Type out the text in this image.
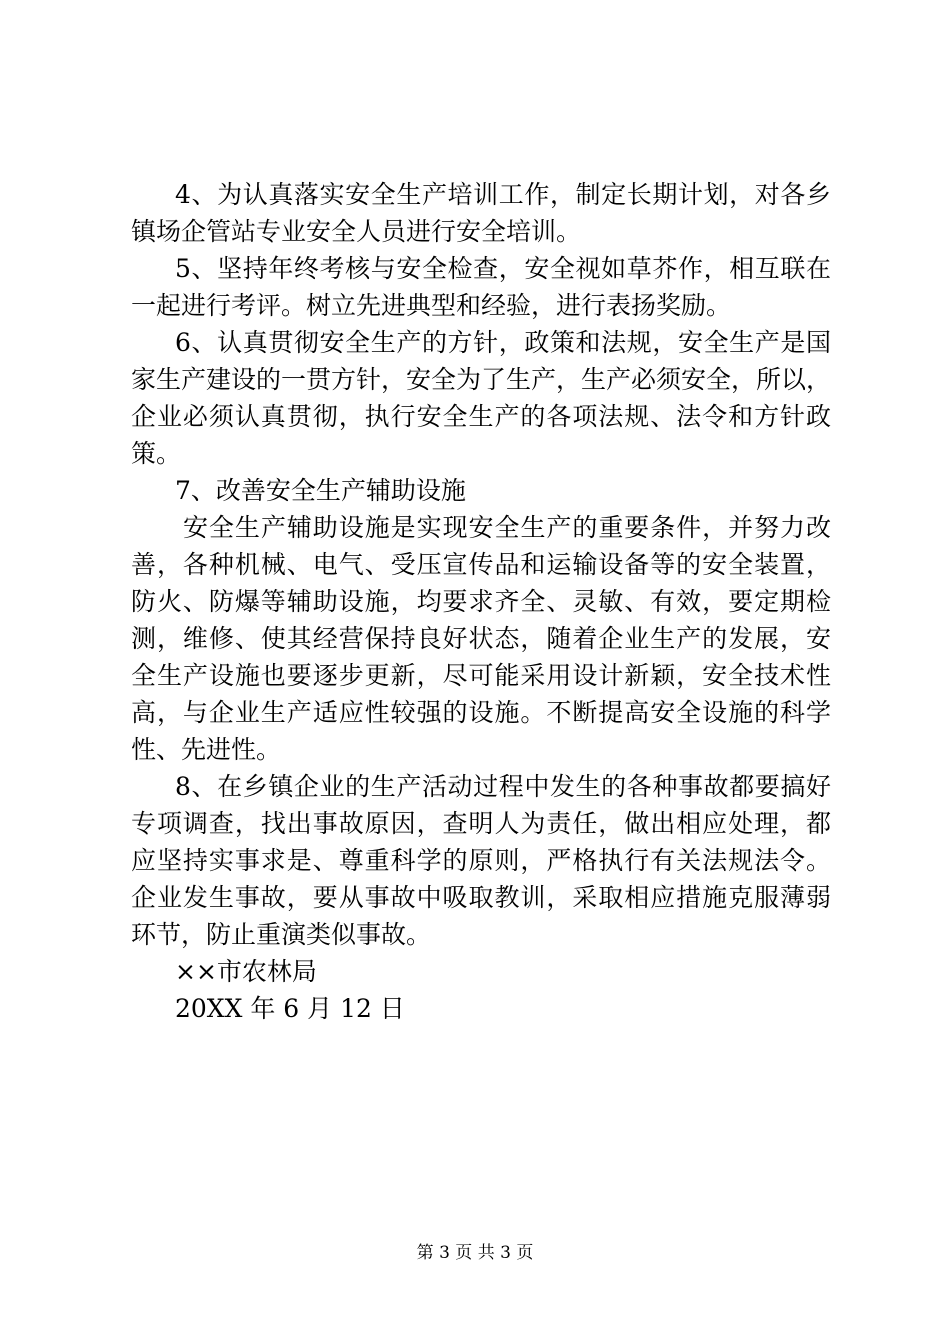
4、为认真落实安全生产培训工作，制定长期计划，对各乡
镇场企管站专业安全人员进行安全培训。
5、坚持年终考核与安全检查，安全视如草芥作，相互联在
一起进行考评。树立先进典型和经验，进行表扬奖励。
6、认真贯彻安全生产的方针，政策和法规，安全生产是国
家生产建设的一贯方针，安全为了生产，生产必须安全，所以，
企业必须认真贯彻，执行安全生产的各项法规、法令和方针政
策。
7、改善安全生产辅助设施
安全生产辅助设施是实现安全生产的重要条件，并努力改
善，各种机械、电气、受压宣传品和运输设备等的安全装置，
防火、防爆等辅助设施，均要求齐全、灵敏、有效，要定期检
测，维修、使其经营保持良好状态，随着企业生产的发展，安
全生产设施也要逐步更新，尽可能采用设计新颖，安全技术性
高，与企业生产适应性较强的设施。不断提高安全设施的科学
性、先进性。
8、在乡镇企业的生产活动过程中发生的各种事故都要搞好
专项调查，找出事故原因，查明人为责任，做出相应处理，都
应坚持实事求是、尊重科学的原则，严格执行有关法规法令。
企业发生事故，要从事故中吸取教训，采取相应措施克服薄弱
环节，防止重演类似事故。
××市农林局
20XX 年 6 月 12 日
第 3 页 共 3 页
